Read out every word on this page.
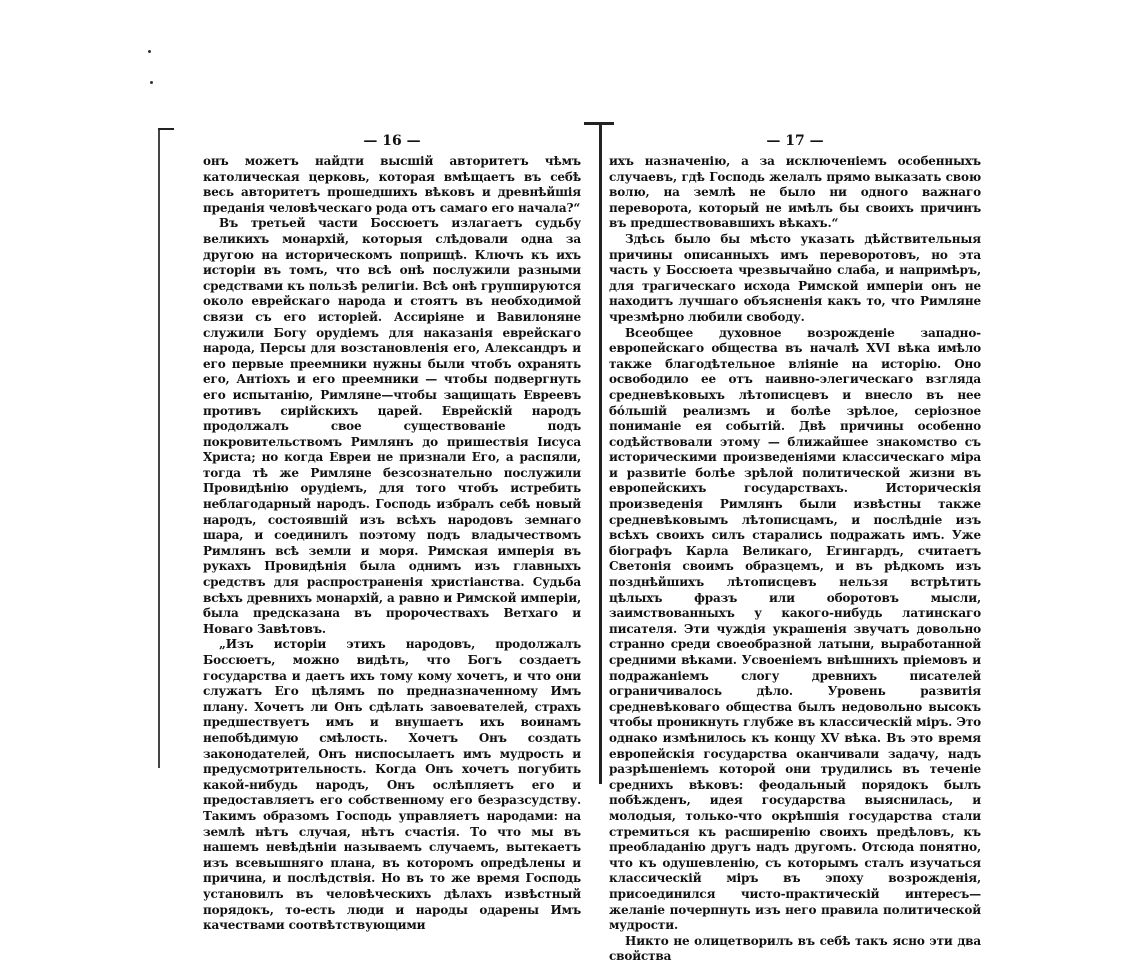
— 16 —

онъ можетъ найдти высшій авторитетъ чѣмъ католическая церковь, которая вмѣщаетъ въ себѣ весь авторитетъ прошедшихъ вѣковъ и древнѣйшія преданія человѣческаго рода отъ самаго его начала?“

Въ третьей части Боссюетъ излагаетъ судьбу великихъ монархій, которыя слѣдовали одна за другою на историческомъ поприщѣ. Ключъ къ ихъ исторіи въ томъ, что всѣ онѣ послужили разными средствами къ пользѣ религіи. Всѣ онѣ группируются около еврейскаго народа и стоятъ въ необходимой связи съ его исторіей. Ассиріяне и Вавилоняне служили Богу орудіемъ для наказанія еврейскаго народа, Персы для возстановленія его, Александръ и его первые преемники нужны были чтобъ охранять его, Антіохъ и его преемники — чтобы подвергнуть его испытанію, Римляне—чтобы защищать Евреевъ противъ сирійскихъ царей. Еврейскій народъ продолжалъ свое существованіе подъ покровительствомъ Римлянъ до пришествія Іисуса Христа; но когда Евреи не признали Его, а распяли, тогда тѣ же Римляне безсознательно послужили Провидѣнію орудіемъ, для того чтобъ истребить неблагодарный народъ. Господь избралъ себѣ новый народъ, состоявшій изъ всѣхъ народовъ земнаго шара, и соединилъ поэтому подъ владычествомъ Римлянъ всѣ земли и моря. Римская имперія въ рукахъ Провидѣнія была однимъ изъ главныхъ средствъ для распространенія христіанства. Судьба всѣхъ древнихъ монархій, а равно и Римской имперіи, была предсказана въ пророчествахъ Ветхаго и Новаго Завѣтовъ.

„Изъ исторіи этихъ народовъ, продолжалъ Боссюетъ, можно видѣть, что Богъ создаетъ государства и даетъ ихъ тому кому хочетъ, и что они служатъ Его цѣлямъ по предназначенному Имъ плану. Хочетъ ли Онъ сдѣлать завоевателей, страхъ предшествуетъ имъ и внушаетъ ихъ воинамъ непобѣдимую смѣлость. Хочетъ Онъ создать законодателей, Онъ ниспосылаетъ имъ мудрость и предусмотрительность. Когда Онъ хочетъ погубить какой-нибудь народъ, Онъ ослѣпляетъ его и предоставляетъ его собственному его безразсудству. Такимъ образомъ Господь управляетъ народами: на землѣ нѣтъ случая, нѣтъ счастія. То что мы въ нашемъ невѣдѣніи называемъ случаемъ, вытекаетъ изъ всевышняго плана, въ которомъ опредѣлены и причина, и послѣдствія. Но въ то же время Господь установилъ въ человѣческихъ дѣлахъ извѣстный порядокъ, то-есть люди и народы одарены Имъ качествами соотвѣтствующими

— 17 —

ихъ назначенію, а за исключеніемъ особенныхъ случаевъ, гдѣ Господь желалъ прямо выказать свою волю, на землѣ не было ни одного важнаго переворота, который не имѣлъ бы своихъ причинъ въ предшествовавшихъ вѣкахъ.“

Здѣсь было бы мѣсто указать дѣйствительныя причины описанныхъ имъ переворотовъ, но эта часть у Боссюета чрезвычайно слаба, и напримѣръ, для трагическаго исхода Римской имперіи онъ не находитъ лучшаго объясненія какъ то, что Римляне чрезмѣрно любили свободу.

Всеобщее духовное возрожденіе западно-европейскаго общества въ началѣ XVI вѣка имѣло также благодѣтельное вліяніе на исторію. Оно освободило ее отъ наивно-элегическаго взгляда средневѣковыхъ лѣтописцевъ и внесло въ нее бо́льшій реализмъ и болѣе зрѣлое, серіозное пониманіе ея событій. Двѣ причины особенно содѣйствовали этому — ближайшее знакомство съ историческими произведеніями классическаго міра и развитіе болѣе зрѣлой политической жизни въ европейскихъ государствахъ. Историческія произведенія Римлянъ были извѣстны также средневѣковымъ лѣтописцамъ, и послѣдніе изъ всѣхъ своихъ силъ старались подражать имъ. Уже біографъ Карла Великаго, Егингардъ, считаетъ Светонія своимъ образцемъ, и въ рѣдкомъ изъ позднѣйшихъ лѣтописцевъ нельзя встрѣтить цѣлыхъ фразъ или оборотовъ мысли, заимствованныхъ у какого-нибудь латинскаго писателя. Эти чуждія украшенія звучатъ довольно странно среди своеобразной латыни, выработанной средними вѣками. Усвоеніемъ внѣшнихъ пріемовъ и подражаніемъ слогу древнихъ писателей ограничивалось дѣло. Уровень развитія средневѣковаго общества былъ недовольно высокъ чтобы проникнуть глубже въ классическій міръ. Это однако измѣнилось къ концу XV вѣка. Въ это время европейскія государства оканчивали задачу, надъ разрѣшеніемъ которой они трудились въ теченіе среднихъ вѣковъ: феодальный порядокъ былъ побѣжденъ, идея государства выяснилась, и молодыя, только-что окрѣпшія государства стали стремиться къ расширенію своихъ предѣловъ, къ преобладанію другъ надъ другомъ. Отсюда понятно, что къ одушевленію, съ которымъ сталъ изучаться классическій міръ въ эпоху возрожденія, присоединился чисто-практическій интересъ—желаніе почерпнуть изъ него правила политической мудрости.

Никто не олицетворилъ въ себѣ такъ ясно эти два свойства
